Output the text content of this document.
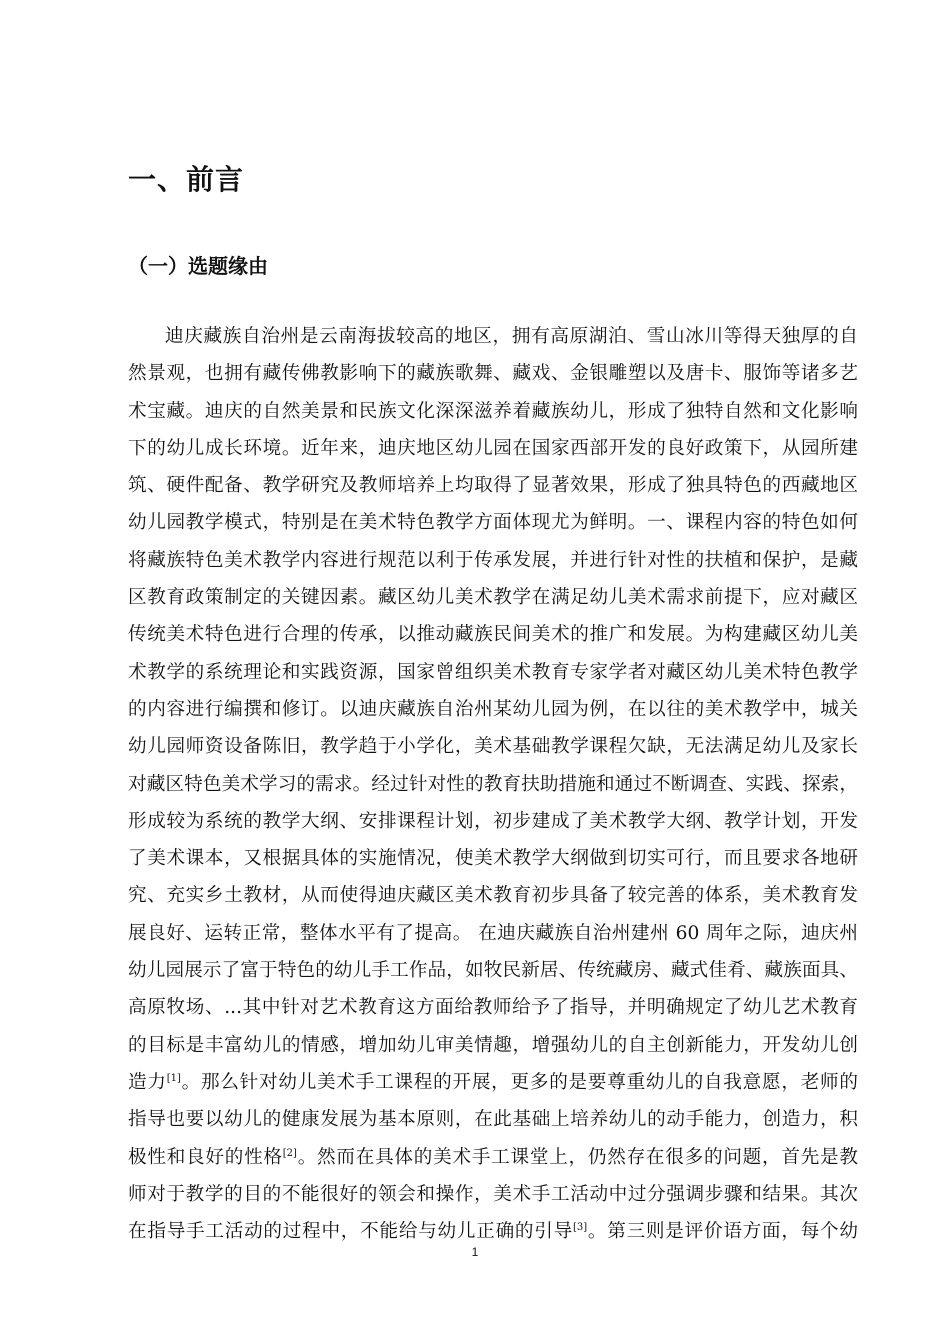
一、前言
（一）选题缘由
迪庆藏族自治州是云南海拔较高的地区，拥有高原湖泊、雪山冰川等得天独厚的自
然景观，也拥有藏传佛教影响下的藏族歌舞、藏戏、金银雕塑以及唐卡、服饰等诸多艺
术宝藏。迪庆的自然美景和民族文化深深滋养着藏族幼儿，形成了独特自然和文化影响
下的幼儿成长环境。近年来，迪庆地区幼儿园在国家西部开发的良好政策下，从园所建
筑、硬件配备、教学研究及教师培养上均取得了显著效果，形成了独具特色的西藏地区
幼儿园教学模式，特别是在美术特色教学方面体现尤为鲜明。一、课程内容的特色如何
将藏族特色美术教学内容进行规范以利于传承发展，并进行针对性的扶植和保护，是藏
区教育政策制定的关键因素。藏区幼儿美术教学在满足幼儿美术需求前提下，应对藏区
传统美术特色进行合理的传承，以推动藏族民间美术的推广和发展。为构建藏区幼儿美
术教学的系统理论和实践资源，国家曾组织美术教育专家学者对藏区幼儿美术特色教学
的内容进行编撰和修订。以迪庆藏族自治州某幼儿园为例，在以往的美术教学中，城关
幼儿园师资设备陈旧，教学趋于小学化，美术基础教学课程欠缺，无法满足幼儿及家长
对藏区特色美术学习的需求。经过针对性的教育扶助措施和通过不断调查、实践、探索，
形成较为系统的教学大纲、安排课程计划，初步建成了美术教学大纲、教学计划，开发
了美术课本，又根据具体的实施情况，使美术教学大纲做到切实可行，而且要求各地研
究、充实乡土教材，从而使得迪庆藏区美术教育初步具备了较完善的体系，美术教育发
展良好、运转正常，整体水平有了提高。 在迪庆藏族自治州建州 60 周年之际，迪庆州
幼儿园展示了富于特色的幼儿手工作品，如牧民新居、传统藏房、藏式佳肴、藏族面具、
高原牧场、...其中针对艺术教育这方面给教师给予了指导，并明确规定了幼儿艺术教育
的目标是丰富幼儿的情感，增加幼儿审美情趣，增强幼儿的自主创新能力，开发幼儿创
造力[1]。那么针对幼儿美术手工课程的开展，更多的是要尊重幼儿的自我意愿，老师的
指导也要以幼儿的健康发展为基本原则，在此基础上培养幼儿的动手能力，创造力，积
极性和良好的性格[2]。然而在具体的美术手工课堂上，仍然存在很多的问题，首先是教
师对于教学的目的不能很好的领会和操作，美术手工活动中过分强调步骤和结果。其次
在指导手工活动的过程中，不能给与幼儿正确的引导[3]。第三则是评价语方面，每个幼
1
